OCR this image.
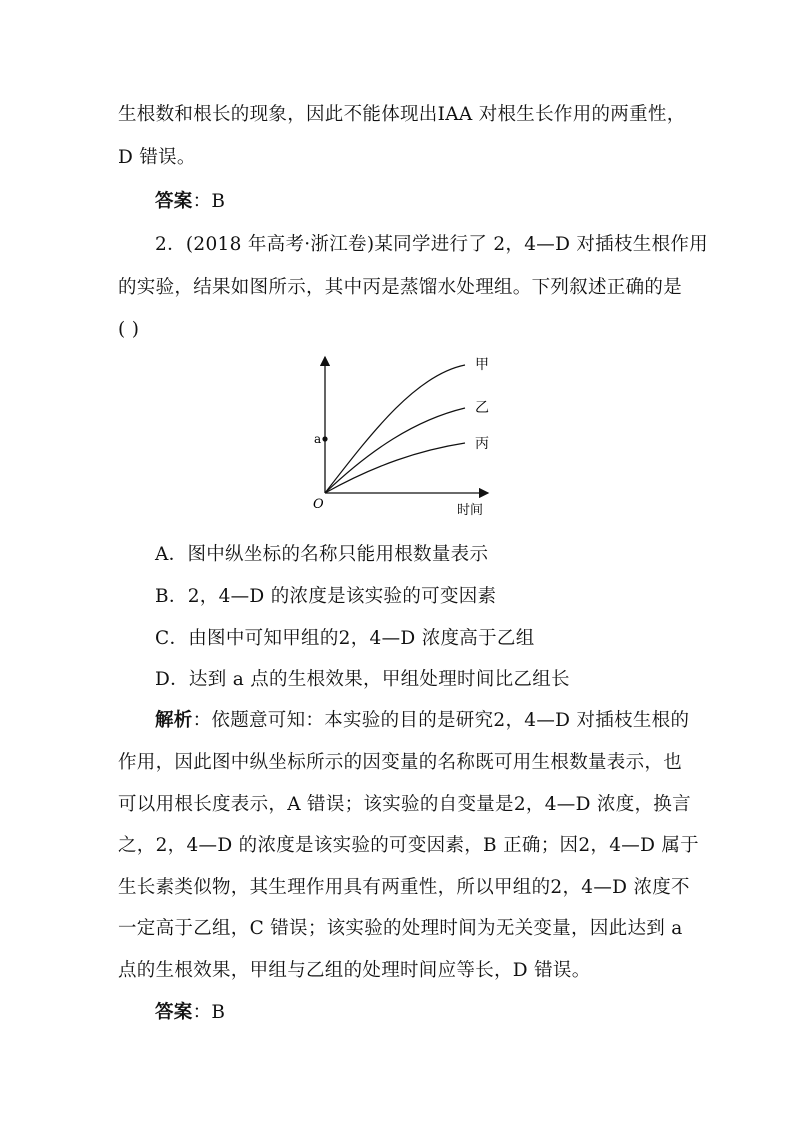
生根数和根长的现象，因此不能体现出IAA 对根生长作用的两重性，
D 错误。
答案：B
2．(2018 年高考·浙江卷)某同学进行了 2，4—D 对插枝生根作用
的实验，结果如图所示，其中丙是蒸馏水处理组。下列叙述正确的是
( )
a
O	时间
甲
乙
丙
A．图中纵坐标的名称只能用根数量表示
B．2，4—D 的浓度是该实验的可变因素
C．由图中可知甲组的2，4—D 浓度高于乙组
D．达到 a 点的生根效果，甲组处理时间比乙组长
解析：依题意可知：本实验的目的是研究2，4—D 对插枝生根的
作用，因此图中纵坐标所示的因变量的名称既可用生根数量表示，也
可以用根长度表示，A 错误；该实验的自变量是2，4—D 浓度，换言
之，2，4—D 的浓度是该实验的可变因素，B 正确；因2，4—D 属于
生长素类似物，其生理作用具有两重性，所以甲组的2，4—D 浓度不
一定高于乙组，C 错误；该实验的处理时间为无关变量，因此达到 a
点的生根效果，甲组与乙组的处理时间应等长，D 错误。
答案：B
